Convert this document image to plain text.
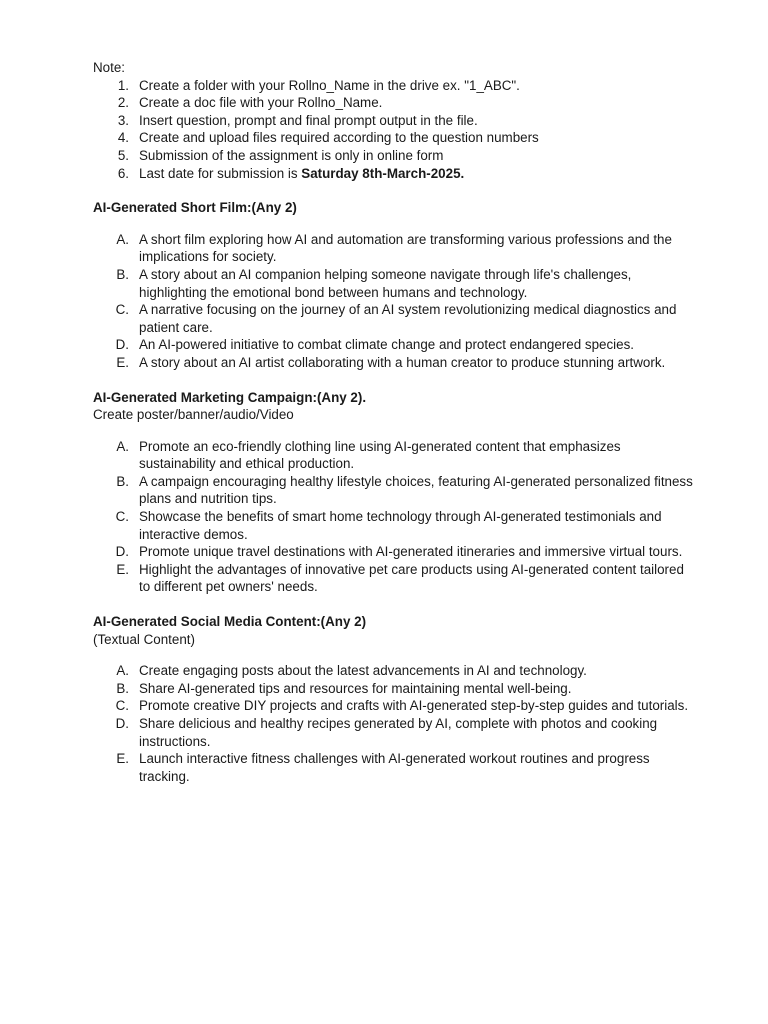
Note:
1. Create a folder with your Rollno_Name in the drive ex. "1_ABC".
2. Create a doc file with your Rollno_Name.
3. Insert question, prompt and final prompt output in the file.
4. Create and upload files required according to the question numbers
5. Submission of the assignment is only in online form
6. Last date for submission is Saturday 8th-March-2025.
AI-Generated Short Film:(Any 2)
A. A short film exploring how AI and automation are transforming various professions and the implications for society.
B. A story about an AI companion helping someone navigate through life's challenges, highlighting the emotional bond between humans and technology.
C. A narrative focusing on the journey of an AI system revolutionizing medical diagnostics and patient care.
D. An AI-powered initiative to combat climate change and protect endangered species.
E. A story about an AI artist collaborating with a human creator to produce stunning artwork.
AI-Generated Marketing Campaign:(Any 2).
Create poster/banner/audio/Video
A. Promote an eco-friendly clothing line using AI-generated content that emphasizes sustainability and ethical production.
B. A campaign encouraging healthy lifestyle choices, featuring AI-generated personalized fitness plans and nutrition tips.
C. Showcase the benefits of smart home technology through AI-generated testimonials and interactive demos.
D. Promote unique travel destinations with AI-generated itineraries and immersive virtual tours.
E. Highlight the advantages of innovative pet care products using AI-generated content tailored to different pet owners' needs.
AI-Generated Social Media Content:(Any 2)
(Textual Content)
A. Create engaging posts about the latest advancements in AI and technology.
B. Share AI-generated tips and resources for maintaining mental well-being.
C. Promote creative DIY projects and crafts with AI-generated step-by-step guides and tutorials.
D. Share delicious and healthy recipes generated by AI, complete with photos and cooking instructions.
E. Launch interactive fitness challenges with AI-generated workout routines and progress tracking.
